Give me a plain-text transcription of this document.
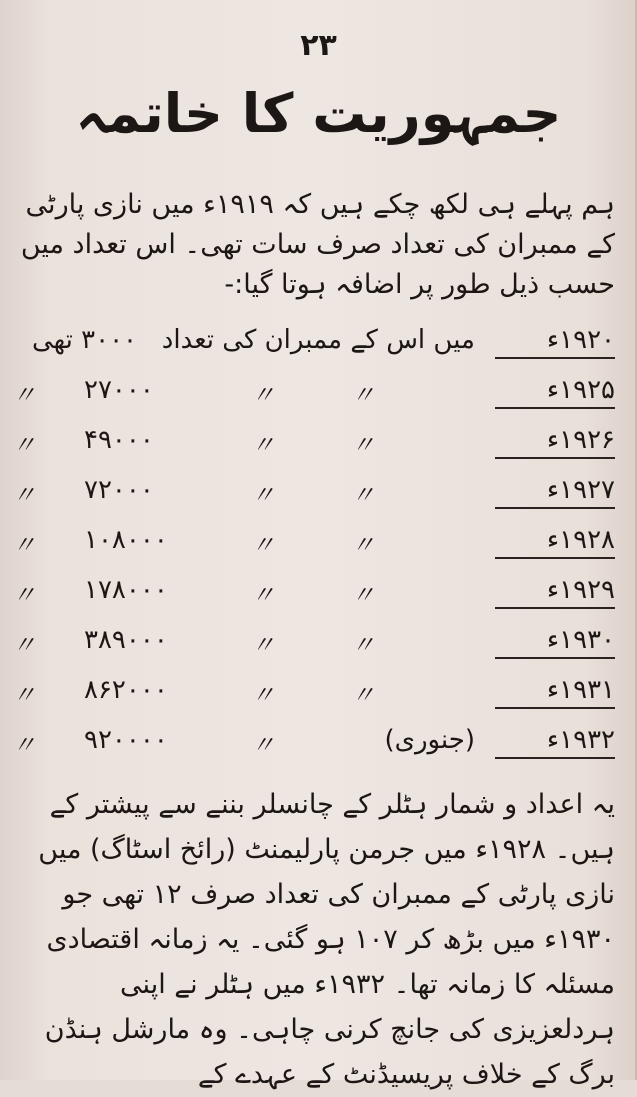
۲۳
جمہوریت کا خاتمہ
ہم پہلے ہی لکھ چکے ہیں کہ ۱۹۱۹ء میں نازی پارٹی کے ممبران کی تعداد صرف سات تھی۔ اس تعداد میں حسب ذیل طور پر اضافہ ہوتا گیا:-
۱۹۲۰ء
میں اس کے ممبران کی تعداد
۳۰۰۰ تھی
۱۹۲۵ء
〃
〃
۲۷۰۰۰
〃
۱۹۲۶ء
〃
〃
۴۹۰۰۰
〃
۱۹۲۷ء
〃
〃
۷۲۰۰۰
〃
۱۹۲۸ء
〃
〃
۱۰۸۰۰۰
〃
۱۹۲۹ء
〃
〃
۱۷۸۰۰۰
〃
۱۹۳۰ء
〃
〃
۳۸۹۰۰۰
〃
۱۹۳۱ء
〃
〃
۸۶۲۰۰۰
〃
۱۹۳۲ء
(جنوری)
〃
۹۲۰۰۰۰
〃
یہ اعداد و شمار ہٹلر کے چانسلر بننے سے پیشتر کے ہیں۔ ۱۹۲۸ء میں جرمن پارلیمنٹ (رائخ اسٹاگ) میں نازی پارٹی کے ممبران کی تعداد صرف ۱۲ تھی جو ۱۹۳۰ء میں بڑھ کر ۱۰۷ ہو گئی۔ یہ زمانہ اقتصادی مسئلہ کا زمانہ تھا۔ ۱۹۳۲ء میں ہٹلر نے اپنی ہردلعزیزی کی جانچ کرنی چاہی۔ وہ مارشل ہنڈن برگ کے خلاف پریسیڈنٹ کے عہدے کے
